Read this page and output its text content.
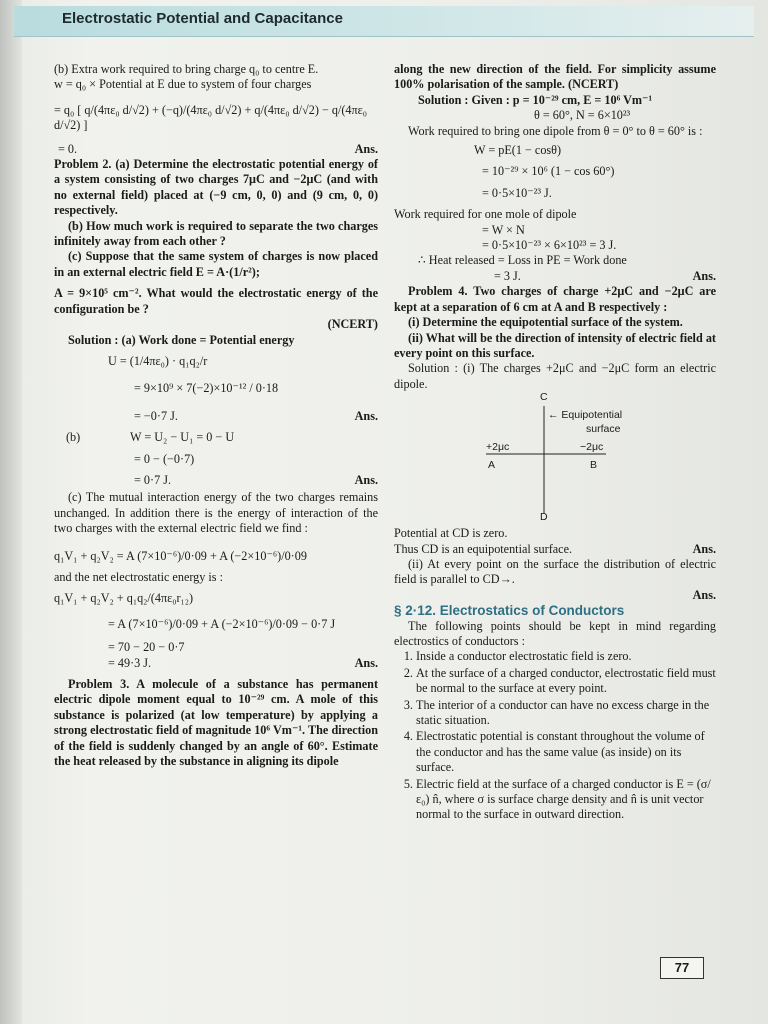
Electrostatic Potential and Capacitance

(b) Extra work required to bring charge q₀ to centre E.

w = q₀ × Potential at E due to system of four charges

= q₀ [ q/(4πε₀ d/√2) + (−q)/(4πε₀ d/√2) + q/(4πε₀ d/√2) − q/(4πε₀ d/√2) ]

= 0.	Ans.

Problem 2. (a) Determine the electrostatic potential energy of a system consisting of two charges 7μC and −2μC (and with no external field) placed at (−9 cm, 0, 0) and (9 cm, 0, 0) respectively.

(b) How much work is required to separate the two charges infinitely away from each other ?

(c) Suppose that the same system of charges is now placed in an external electric field E = A·(1/r²);

A = 9×10⁵ cm⁻². What would the electrostatic energy of the configuration be ?

(NCERT)

Solution : (a) Work done = Potential energy

U = (1/4πε₀) · q₁q₂/r

= 9×10⁹ × 7(−2)×10⁻¹² / 0·18

= −0·7 J.	Ans.
(b)	W = U₂ − U₁ = 0 − U

= 0 − (−0·7)

= 0·7 J.	Ans.

(c) The mutual interaction energy of the two charges remains unchanged. In addition there is the energy of interaction of the two charges with the external electric field we find :

q₁V₁ + q₂V₂ = A (7×10⁻⁶)/0·09 + A (−2×10⁻⁶)/0·09

and the net electrostatic energy is :

q₁V₁ + q₂V₂ + q₁q₂/(4πε₀r₁₂)

= A (7×10⁻⁶)/0·09 + A (−2×10⁻⁶)/0·09 − 0·7 J

= 70 − 20 − 0·7

= 49·3 J.	Ans.

Problem 3. A molecule of a substance has permanent electric dipole moment equal to 10⁻²⁹ cm. A mole of this substance is polarized (at low temperature) by applying a strong electrostatic field of magnitude 10⁶ Vm⁻¹. The direction of the field is suddenly changed by an angle of 60°. Estimate the heat released by the substance in aligning its dipole

along the new direction of the field. For simplicity assume 100% polarisation of the sample. (NCERT)

Solution : Given : p = 10⁻²⁹ cm, E = 10⁶ Vm⁻¹

θ = 60°, N = 6×10²³

Work required to bring one dipole from θ = 0° to θ = 60° is :

W = pE(1 − cosθ)

= 10⁻²⁹ × 10⁶ (1 − cos 60°)

= 0·5×10⁻²³ J.

Work required for one mole of dipole

= W × N

= 0·5×10⁻²³ × 6×10²³ = 3 J.

∴ Heat released = Loss in PE = Work done

= 3 J.	Ans.

Problem 4. Two charges of charge +2μC and −2μC are kept at a separation of 6 cm at A and B respectively :

(i) Determine the equipotential surface of the system.

(ii) What will be the direction of intensity of electric field at every point on this surface.

Solution : (i) The charges +2μC and −2μC form an electric dipole.

C
D
+2μc	−2μc
A	B
← Equipotential
surface

Potential at CD is zero.

Thus CD is an equipotential surface.	Ans.

(ii) At every point on the surface the distribution of electric field is parallel to CD→.

Ans.

§ 2·12. Electrostatics of Conductors

The following points should be kept in mind regarding electrostics of conductors :

1. Inside a conductor electrostatic field is zero.
2. At the surface of a charged conductor, electrostatic field must be normal to the surface at every point.
3. The interior of a conductor can have no excess charge in the static situation.
4. Electrostatic potential is constant throughout the volume of the conductor and has the same value (as inside) on its surface.
5. Electric field at the surface of a charged conductor is E = (σ/ε₀) n̂, where σ is surface charge density and n̂ is unit vector normal to the surface in outward direction.
77
